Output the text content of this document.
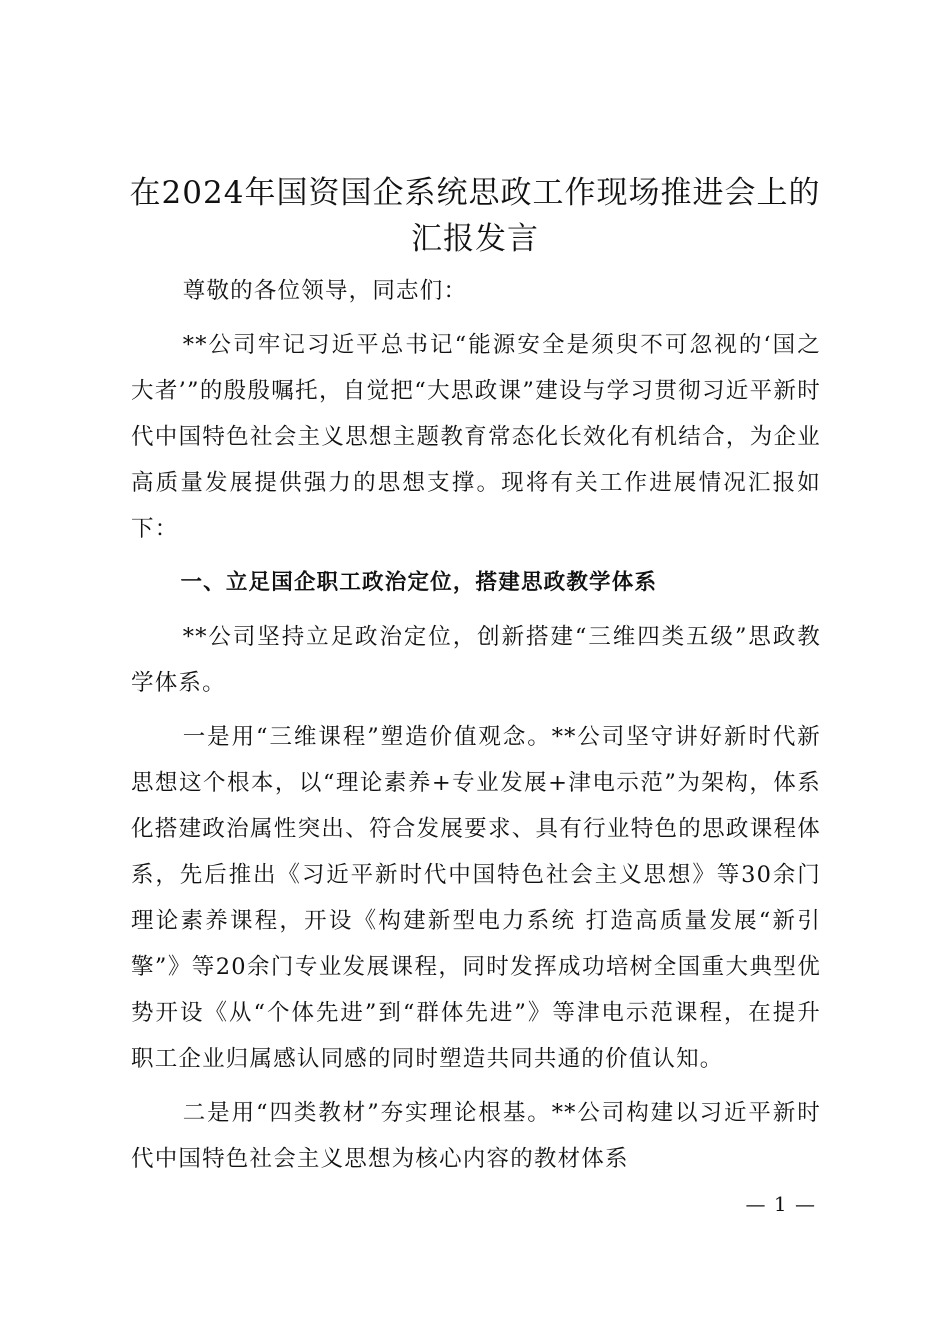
在2024年国资国企系统思政工作现场推进会上的汇报发言

尊敬的各位领导，同志们：

**公司牢记习近平总书记“能源安全是须臾不可忽视的‘国之大者’”的殷殷嘱托，自觉把“大思政课”建设与学习贯彻习近平新时代中国特色社会主义思想主题教育常态化长效化有机结合，为企业高质量发展提供强力的思想支撑。现将有关工作进展情况汇报如下：

一、立足国企职工政治定位，搭建思政教学体系

**公司坚持立足政治定位，创新搭建“三维四类五级”思政教学体系。

一是用“三维课程”塑造价值观念。**公司坚守讲好新时代新思想这个根本，以“理论素养+专业发展+津电示范”为架构，体系化搭建政治属性突出、符合发展要求、具有行业特色的思政课程体系，先后推出《习近平新时代中国特色社会主义思想》等30余门理论素养课程，开设《构建新型电力系统 打造高质量发展“新引擎”》等20余门专业发展课程，同时发挥成功培树全国重大典型优势开设《从“个体先进”到“群体先进”》等津电示范课程，在提升职工企业归属感认同感的同时塑造共同共通的价值认知。

二是用“四类教材”夯实理论根基。**公司构建以习近平新时代中国特色社会主义思想为核心内容的教材体系

— 1 —
